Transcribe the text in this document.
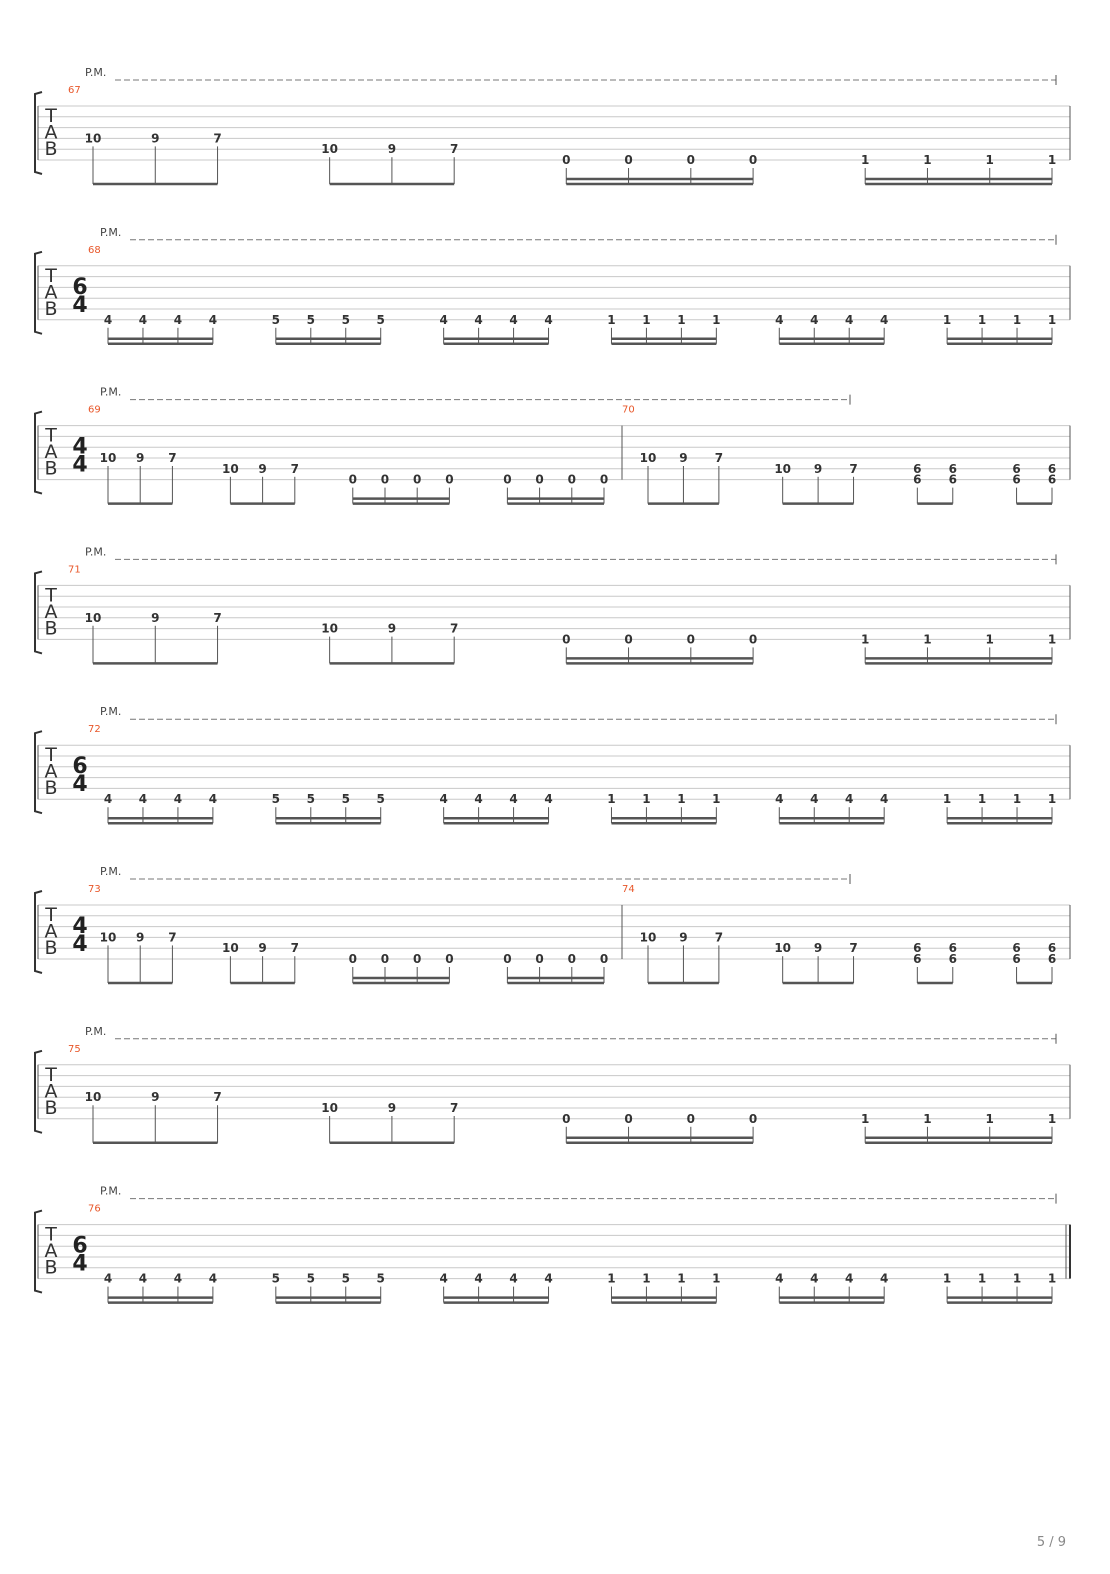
T
A
B
67
10	9	7
10	9	7
0	0	0	0	1	1	1	1
P.M.
T
A
B
6
4
68
4 4 4 4	5 5 5 5	4 4 4 4	1 1 1 1	4 4 4 4	1 1 1 1
P.M.
T
A
B
4
4
69
10 9 7
10 9 7
0 0 0 0	0 0 0 0
70
10 9 7
10 9 7	6
6
6
6
6
6
6
6
P.M.
T
A
B
71
10	9	7
10	9	7
0	0	0	0	1	1	1	1
P.M.
T
A
B
6
4
72
4 4 4 4	5 5 5 5	4 4 4 4	1 1 1 1	4 4 4 4	1 1 1 1
P.M.
T
A
B
4
4
73
10 9 7
10 9 7
0 0 0 0	0 0 0 0
74
10 9 7
10 9 7	6
6
6
6
6
6
6
6
P.M.
T
A
B
75
10	9	7
10	9	7
0	0	0	0	1	1	1	1
P.M.
T
A
B
6
4
76
4 4 4 4	5 5 5 5	4 4 4 4	1 1 1 1	4 4 4 4	1 1 1 1
P.M.
5 / 9
